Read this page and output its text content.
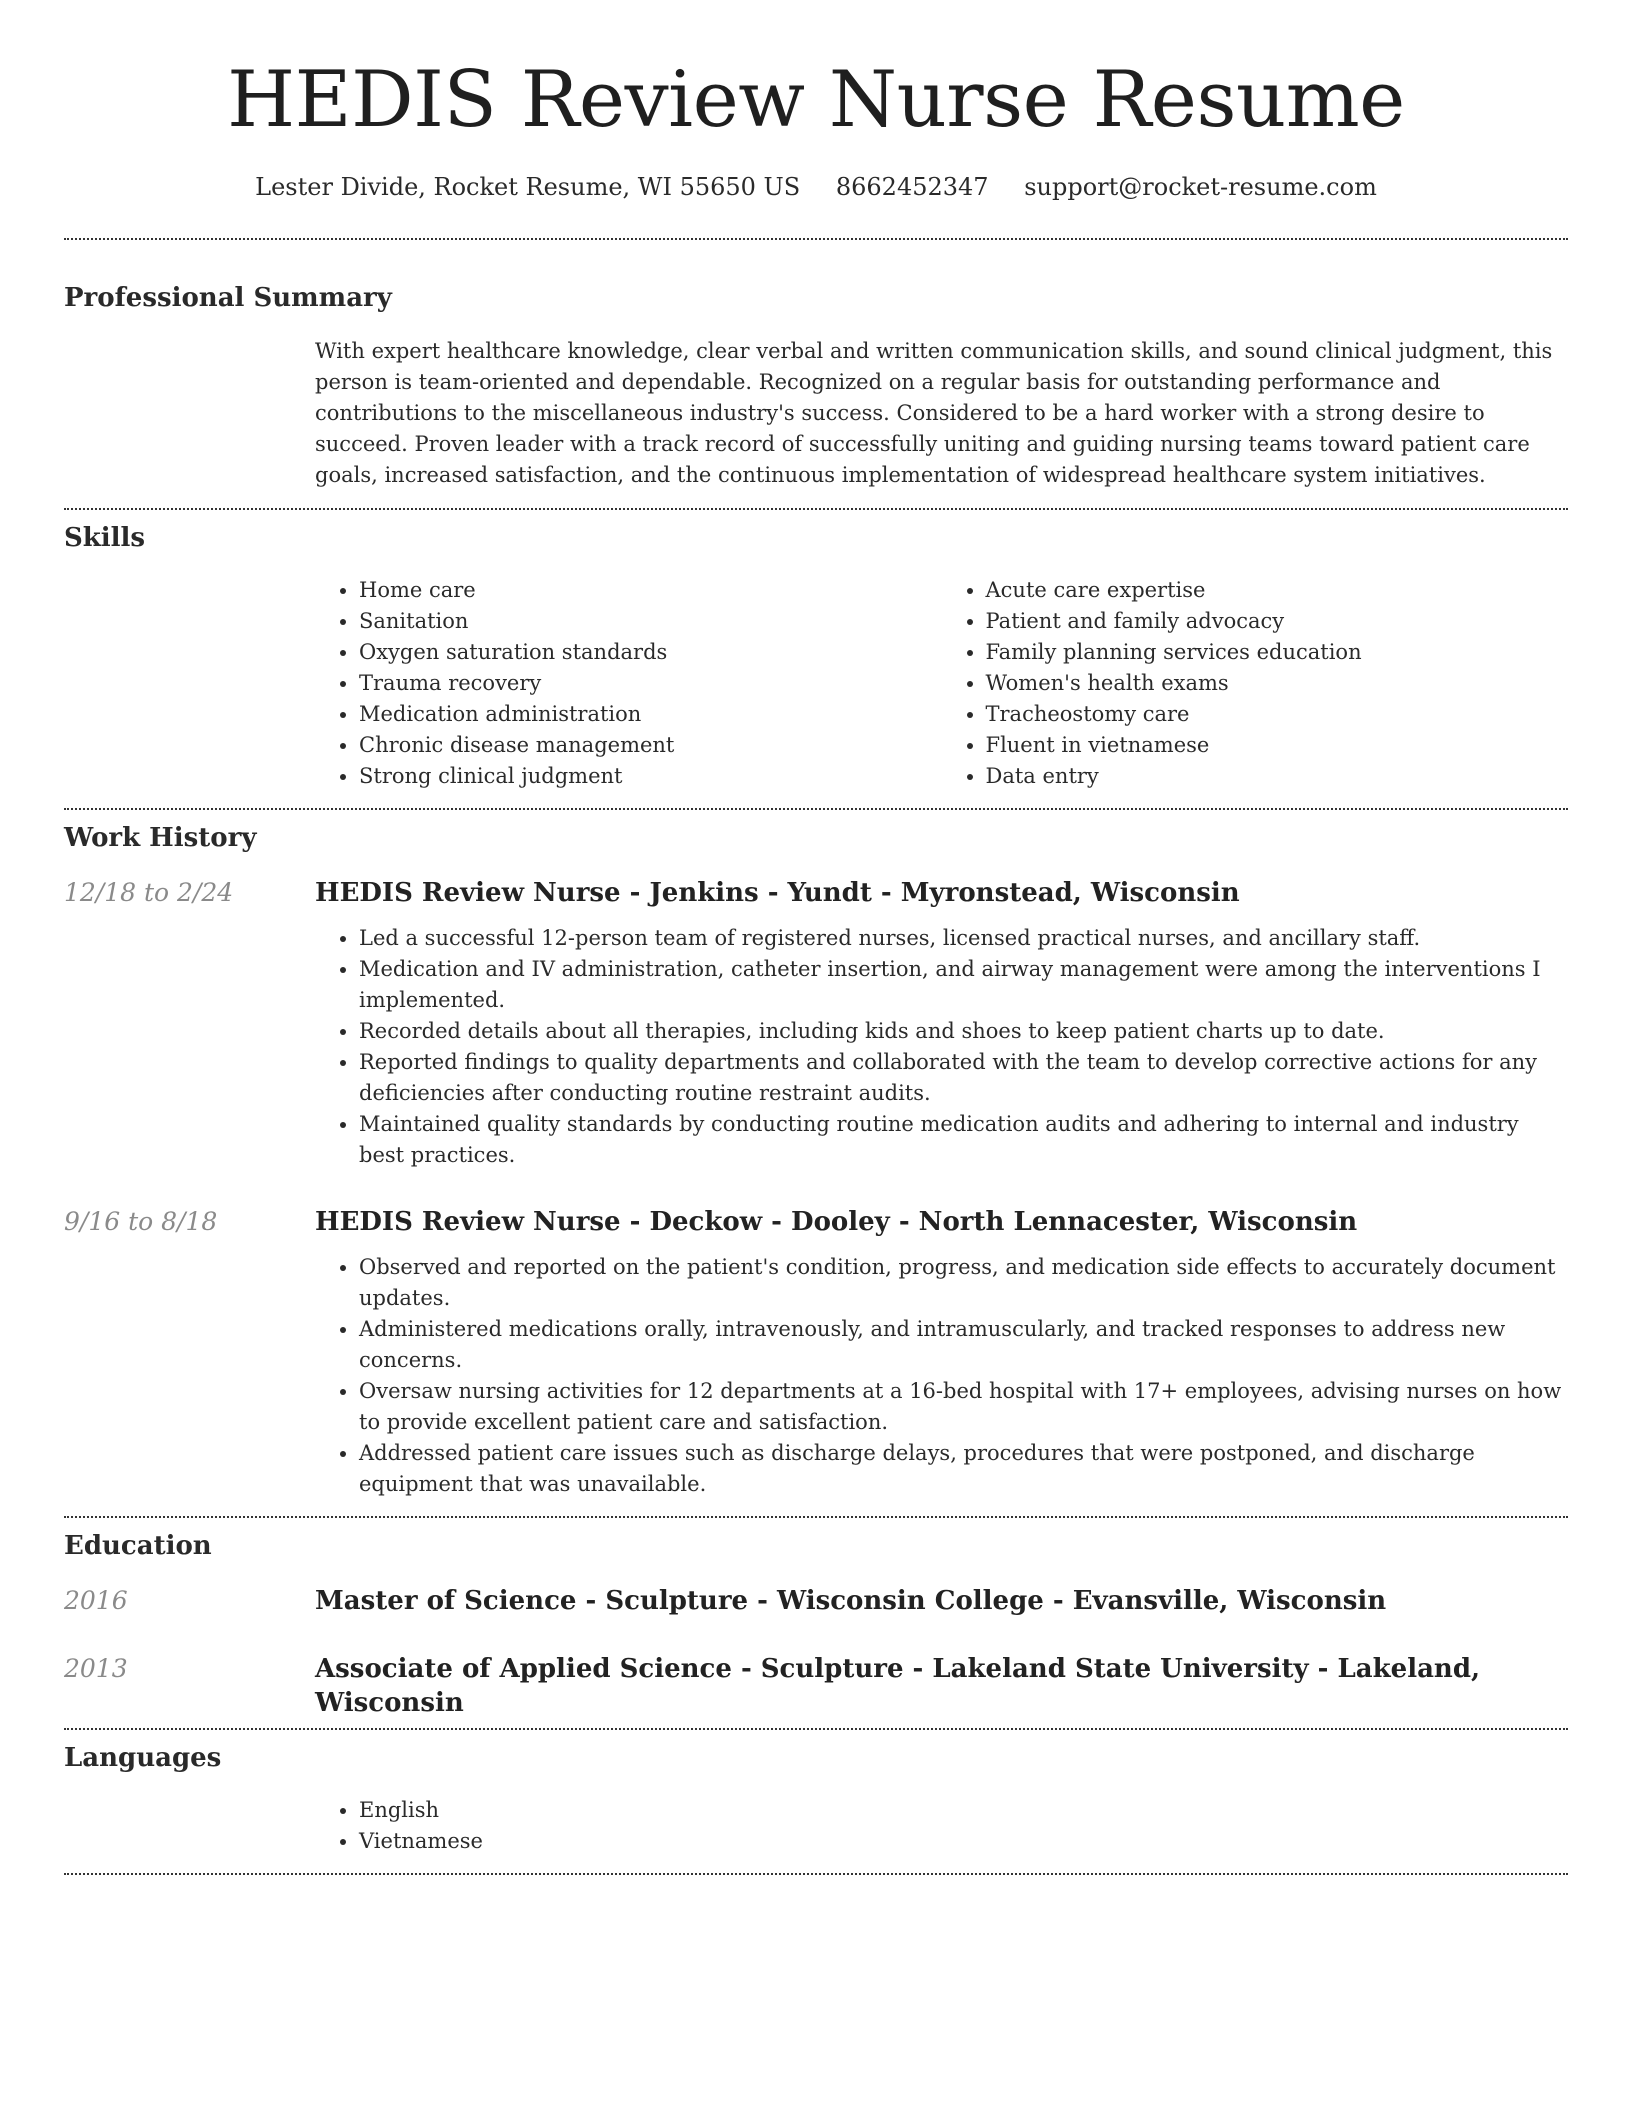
HEDIS Review Nurse Resume
Lester Divide, Rocket Resume, WI 55650 US 8662452347 support@rocket-resume.com
Professional Summary

With expert healthcare knowledge, clear verbal and written communication skills, and sound clinical judgment, this person is team-oriented and dependable. Recognized on a regular basis for outstanding performance and contributions to the miscellaneous industry's success. Considered to be a hard worker with a strong desire to succeed. Proven leader with a track record of successfully uniting and guiding nursing teams toward patient care goals, increased satisfaction, and the continuous implementation of widespread healthcare system initiatives.

Skills
• Home care
• Sanitation
• Oxygen saturation standards
• Trauma recovery
• Medication administration
• Chronic disease management
• Strong clinical judgment
• Acute care expertise
• Patient and family advocacy
• Family planning services education
• Women's health exams
• Tracheostomy care
• Fluent in vietnamese
• Data entry
Work History
12/18 to 2/24	HEDIS Review Nurse - Jenkins - Yundt - Myronstead, Wisconsin
• Led a successful 12-person team of registered nurses, licensed practical nurses, and ancillary staff.
• Medication and IV administration, catheter insertion, and airway management were among the interventions I implemented.
• Recorded details about all therapies, including kids and shoes to keep patient charts up to date.
• Reported findings to quality departments and collaborated with the team to develop corrective actions for any deficiencies after conducting routine restraint audits.
• Maintained quality standards by conducting routine medication audits and adhering to internal and industry best practices.
9/16 to 8/18	HEDIS Review Nurse - Deckow - Dooley - North Lennacester, Wisconsin
• Observed and reported on the patient's condition, progress, and medication side effects to accurately document updates.
• Administered medications orally, intravenously, and intramuscularly, and tracked responses to address new concerns.
• Oversaw nursing activities for 12 departments at a 16-bed hospital with 17+ employees, advising nurses on how to provide excellent patient care and satisfaction.
• Addressed patient care issues such as discharge delays, procedures that were postponed, and discharge equipment that was unavailable.
Education
2016	Master of Science - Sculpture - Wisconsin College - Evansville, Wisconsin
2013	Associate of Applied Science - Sculpture - Lakeland State University - Lakeland, Wisconsin
Languages
• English
• Vietnamese
